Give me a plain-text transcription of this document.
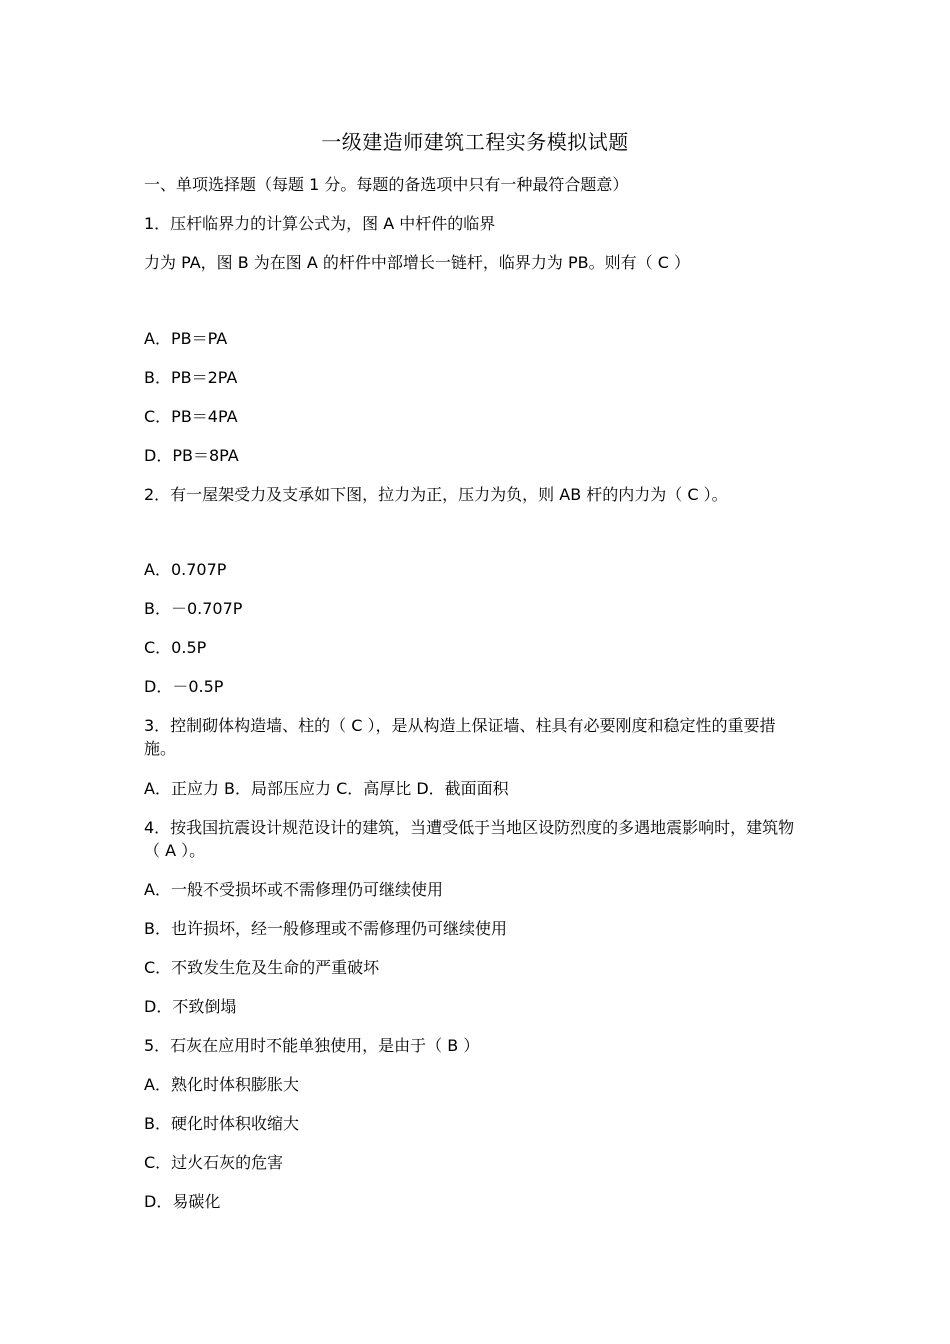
一级建造师建筑工程实务模拟试题
一、单项选择题（每题 1 分。每题的备选项中只有一种最符合题意）
1．压杆临界力的计算公式为，图 A 中杆件的临界
力为 PA，图 B 为在图 A 的杆件中部增长一链杆，临界力为 PB。则有（ C ）
A．PB＝PA
B．PB＝2PA
C．PB＝4PA
D．PB＝8PA
2．有一屋架受力及支承如下图，拉力为正，压力为负，则 AB 杆的内力为（ C ）。
A．0.707P
B．－0.707P
C．0.5P
D．－0.5P
3．控制砌体构造墙、柱的（ C ），是从构造上保证墙、柱具有必要刚度和稳定性的重要措施。
A．正应力 B．局部压应力 C．高厚比 D．截面面积
4．按我国抗震设计规范设计的建筑，当遭受低于当地区设防烈度的多遇地震影响时，建筑物（ A ）。
A．一般不受损坏或不需修理仍可继续使用
B．也许损坏，经一般修理或不需修理仍可继续使用
C．不致发生危及生命的严重破坏
D．不致倒塌
5．石灰在应用时不能单独使用，是由于（ B ）
A．熟化时体积膨胀大
B．硬化时体积收缩大
C．过火石灰的危害
D．易碳化
